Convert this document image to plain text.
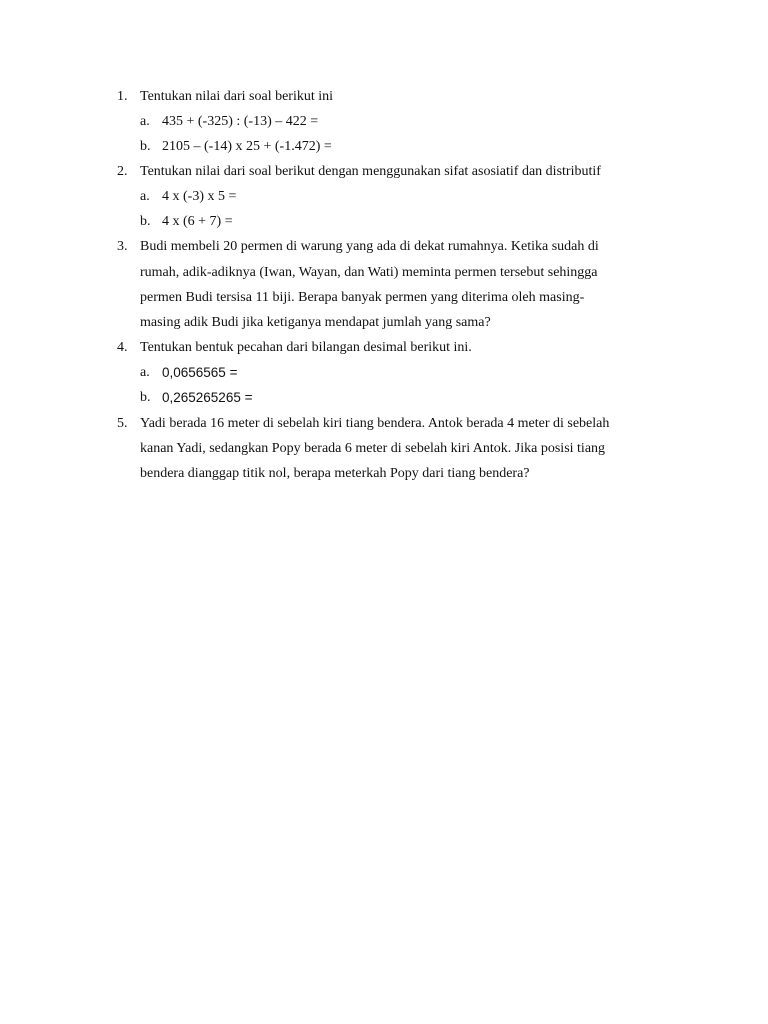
1. Tentukan nilai dari soal berikut ini
a. 435 + (-325) : (-13) – 422 =
b. 2105 – (-14) x 25 + (-1.472) =
2. Tentukan nilai dari soal berikut dengan menggunakan sifat asosiatif dan distributif
a. 4 x (-3) x 5 =
b. 4 x (6 + 7) =
3. Budi membeli 20 permen di warung yang ada di dekat rumahnya. Ketika sudah di
rumah, adik-adiknya (Iwan, Wayan, dan Wati) meminta permen tersebut sehingga
permen Budi tersisa 11 biji. Berapa banyak permen yang diterima oleh masing-
masing adik Budi jika ketiganya mendapat jumlah yang sama?
4. Tentukan bentuk pecahan dari bilangan desimal berikut ini.
a. 0,0656565 =
b. 0,265265265 =
5. Yadi berada 16 meter di sebelah kiri tiang bendera. Antok berada 4 meter di sebelah
kanan Yadi, sedangkan Popy berada 6 meter di sebelah kiri Antok. Jika posisi tiang
bendera dianggap titik nol, berapa meterkah Popy dari tiang bendera?
